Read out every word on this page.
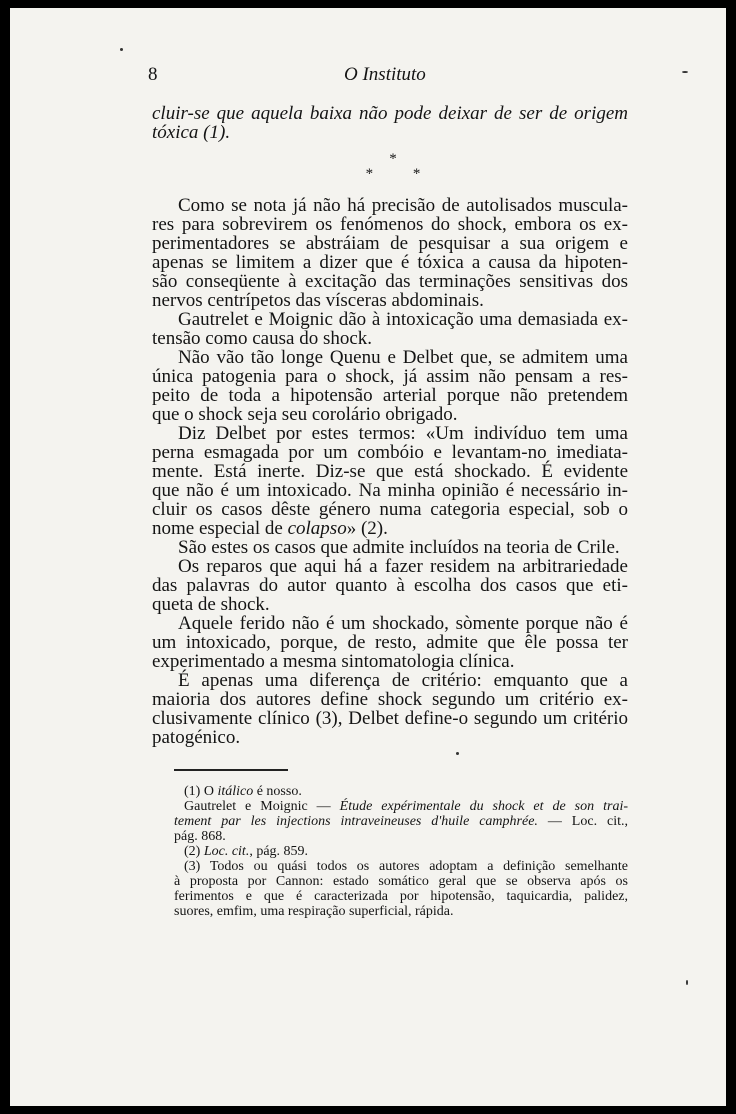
8	O Instituto
cluir-se que aquela baixa não pode deixar de ser de origem
tóxica (1).
*
* *
Como se nota já não há precisão de autolisados muscula-
res para sobrevirem os fenómenos do shock, embora os ex-
perimentadores se abstráiam de pesquisar a sua origem e
apenas se limitem a dizer que é tóxica a causa da hipoten-
são conseqüente à excitação das terminações sensitivas dos
nervos centrípetos das vísceras abdominais.
Gautrelet e Moignic dão à intoxicação uma demasiada ex-
tensão como causa do shock.
Não vão tão longe Quenu e Delbet que, se admitem uma
única patogenia para o shock, já assim não pensam a res-
peito de toda a hipotensão arterial porque não pretendem
que o shock seja seu corolário obrigado.
Diz Delbet por estes termos: «Um indivíduo tem uma
perna esmagada por um combóio e levantam-no imediata-
mente. Está inerte. Diz-se que está shockado. É evidente
que não é um intoxicado. Na minha opinião é necessário in-
cluir os casos dêste género numa categoria especial, sob o
nome especial de colapso» (2).
São estes os casos que admite incluídos na teoria de Crile.
Os reparos que aqui há a fazer residem na arbitrariedade
das palavras do autor quanto à escolha dos casos que eti-
queta de shock.
Aquele ferido não é um shockado, sòmente porque não é
um intoxicado, porque, de resto, admite que êle possa ter
experimentado a mesma sintomatologia clínica.
É apenas uma diferença de critério: emquanto que a
maioria dos autores define shock segundo um critério ex-
clusivamente clínico (3), Delbet define-o segundo um critério
patogénico.
(1) O itálico é nosso.
Gautrelet e Moignic — Étude expérimentale du shock et de son trai-
tement par les injections intraveineuses d'huile camphrée. — Loc. cit.,
pág. 868.
(2) Loc. cit., pág. 859.
(3) Todos ou quási todos os autores adoptam a definição semelhante
à proposta por Cannon: estado somático geral que se observa após os
ferimentos e que é caracterizada por hipotensão, taquicardia, palidez,
suores, emfim, uma respiração superficial, rápida.
